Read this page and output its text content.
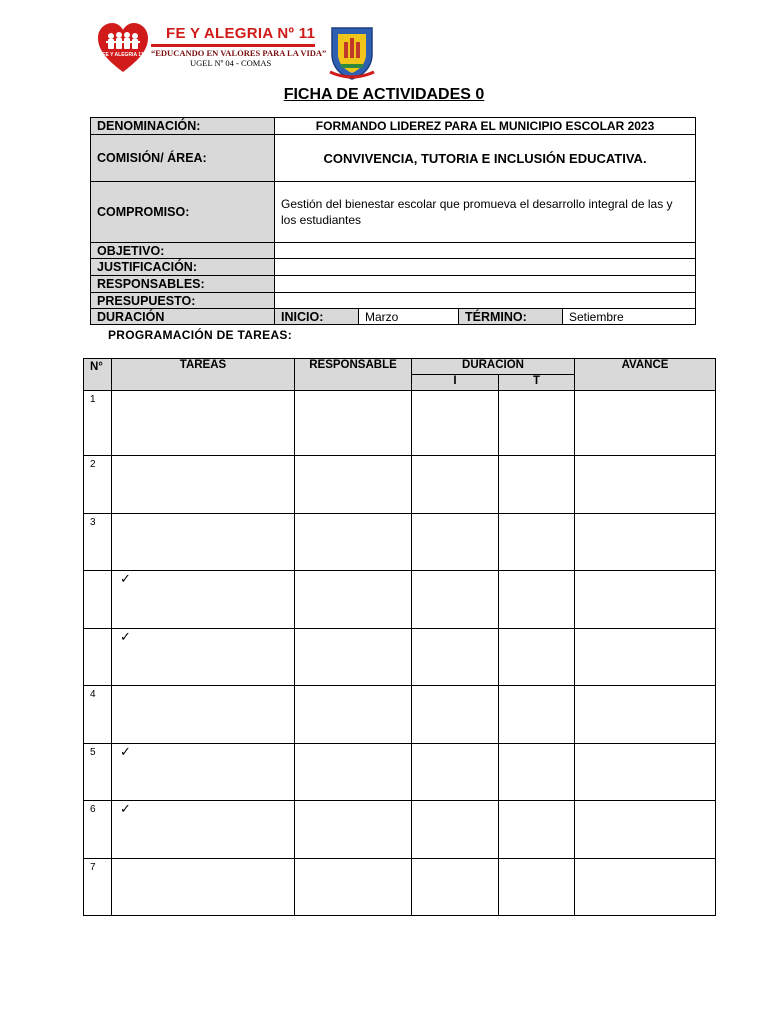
FE Y ALEGRIA 11
FE Y ALEGRIA Nº 11
“EDUCANDO EN VALORES PARA LA VIDA”
UGEL Nº 04 - COMAS
FICHA DE ACTIVIDADES 0
DENOMINACIÓN:	FORMANDO LIDEREZ PARA EL MUNICIPIO ESCOLAR 2023			
COMISIÓN/ ÁREA:	CONVIVENCIA, TUTORIA E INCLUSIÓN EDUCATIVA.			
COMPROMISO:	Gestión del bienestar escolar que promueva el desarrollo integral de las y los estudiantes			
OBJETIVO:				
JUSTIFICACIÓN:				
RESPONSABLES:				
PRESUPUESTO:				
DURACIÓN	INICIO:	Marzo	TÉRMINO:	Setiembre
PROGRAMACIÓN DE TAREAS:
N°	TAREAS	RESPONSABLE	DURACION		AVANCE
			I	T	
1					
2					
3					
	✓				
	✓				
4					
5	✓				
6	✓				
7					
